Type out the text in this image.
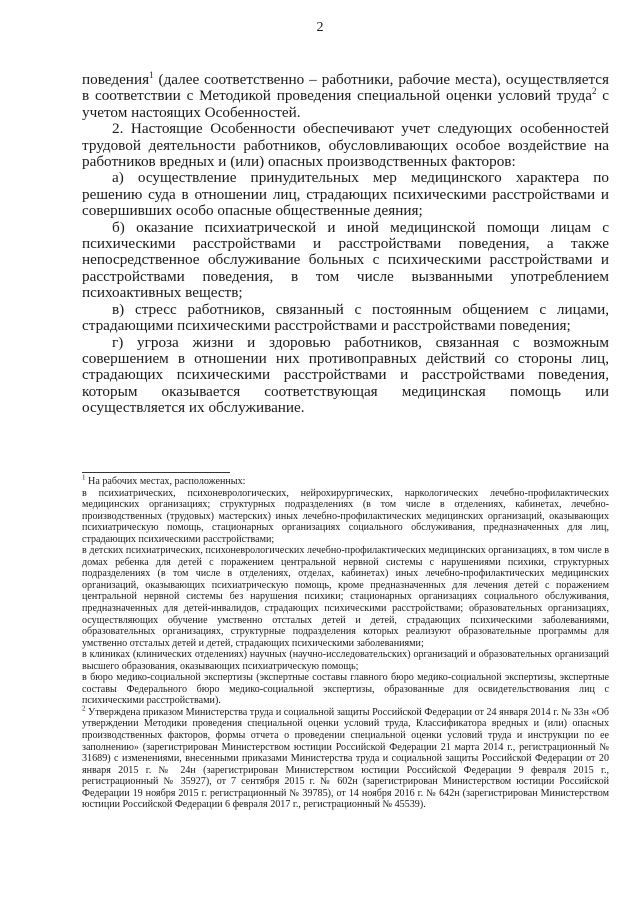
2

поведения$^1$ (далее соответственно – работники, рабочие места), осуществляется в соответствии с Методикой проведения специальной оценки условий труда$^2$ с учетом настоящих Особенностей.

2. Настоящие Особенности обеспечивают учет следующих особенностей трудовой деятельности работников, обусловливающих особое воздействие на работников вредных и (или) опасных производственных факторов:

а) осуществление принудительных мер медицинского характера по решению суда в отношении лиц, страдающих психическими расстройствами и совершивших особо опасные общественные деяния;

б) оказание психиатрической и иной медицинской помощи лицам с психическими расстройствами и расстройствами поведения, а также непосредственное обслуживание больных с психическими расстройствами и расстройствами поведения, в том числе вызванными употреблением психоактивных веществ;

в) стресс работников, связанный с постоянным общением с лицами, страдающими психическими расстройствами и расстройствами поведения;

г) угроза жизни и здоровью работников, связанная с возможным совершением в отношении них противоправных действий со стороны лиц, страдающих психическими расстройствами и расстройствами поведения, которым оказывается соответствующая медицинская помощь или осуществляется их обслуживание.

$^1$ На рабочих местах, расположенных:

в психиатрических, психоневрологических, нейрохирургических, наркологических лечебно-профилактических медицинских организациях; структурных подразделениях (в том числе в отделениях, кабинетах, лечебно-производственных (трудовых) мастерских) иных лечебно-профилактических медицинских организаций, оказывающих психиатрическую помощь, стационарных организациях социального обслуживания, предназначенных для лиц, страдающих психическими расстройствами;

в детских психиатрических, психоневрологических лечебно-профилактических медицинских организациях, в том числе в домах ребенка для детей с поражением центральной нервной системы с нарушениями психики, структурных подразделениях (в том числе в отделениях, отделах, кабинетах) иных лечебно-профилактических медицинских организаций, оказывающих психиатрическую помощь, кроме предназначенных для лечения детей с поражением центральной нервной системы без нарушения психики; стационарных организациях социального обслуживания, предназначенных для детей-инвалидов, страдающих психическими расстройствами; образовательных организациях, осуществляющих обучение умственно отсталых детей и детей, страдающих психическими заболеваниями, образовательных организациях, структурные подразделения которых реализуют образовательные программы для умственно отсталых детей и детей, страдающих психическими заболеваниями;

в клиниках (клинических отделениях) научных (научно-исследовательских) организаций и образовательных организаций высшего образования, оказывающих психиатрическую помощь;

в бюро медико-социальной экспертизы (экспертные составы главного бюро медико-социальной экспертизы, экспертные составы Федерального бюро медико-социальной экспертизы, образованные для освидетельствования лиц с психическими расстройствами).

$^2$ Утверждена приказом Министерства труда и социальной защиты Российской Федерации от 24 января 2014 г. № 33н «Об утверждении Методики проведения специальной оценки условий труда, Классификатора вредных и (или) опасных производственных факторов, формы отчета о проведении специальной оценки условий труда и инструкции по ее заполнению» (зарегистрирован Министерством юстиции Российской Федерации 21 марта 2014 г., регистрационный № 31689) с изменениями, внесенными приказами Министерства труда и социальной защиты Российской Федерации от 20 января 2015 г. № 24н (зарегистрирован Министерством юстиции Российской Федерации 9 февраля 2015 г., регистрационный № 35927), от 7 сентября 2015 г. № 602н (зарегистрирован Министерством юстиции Российской Федерации 19 ноября 2015 г. регистрационный № 39785), от 14 ноября 2016 г. № 642н (зарегистрирован Министерством юстиции Российской Федерации 6 февраля 2017 г., регистрационный № 45539).
